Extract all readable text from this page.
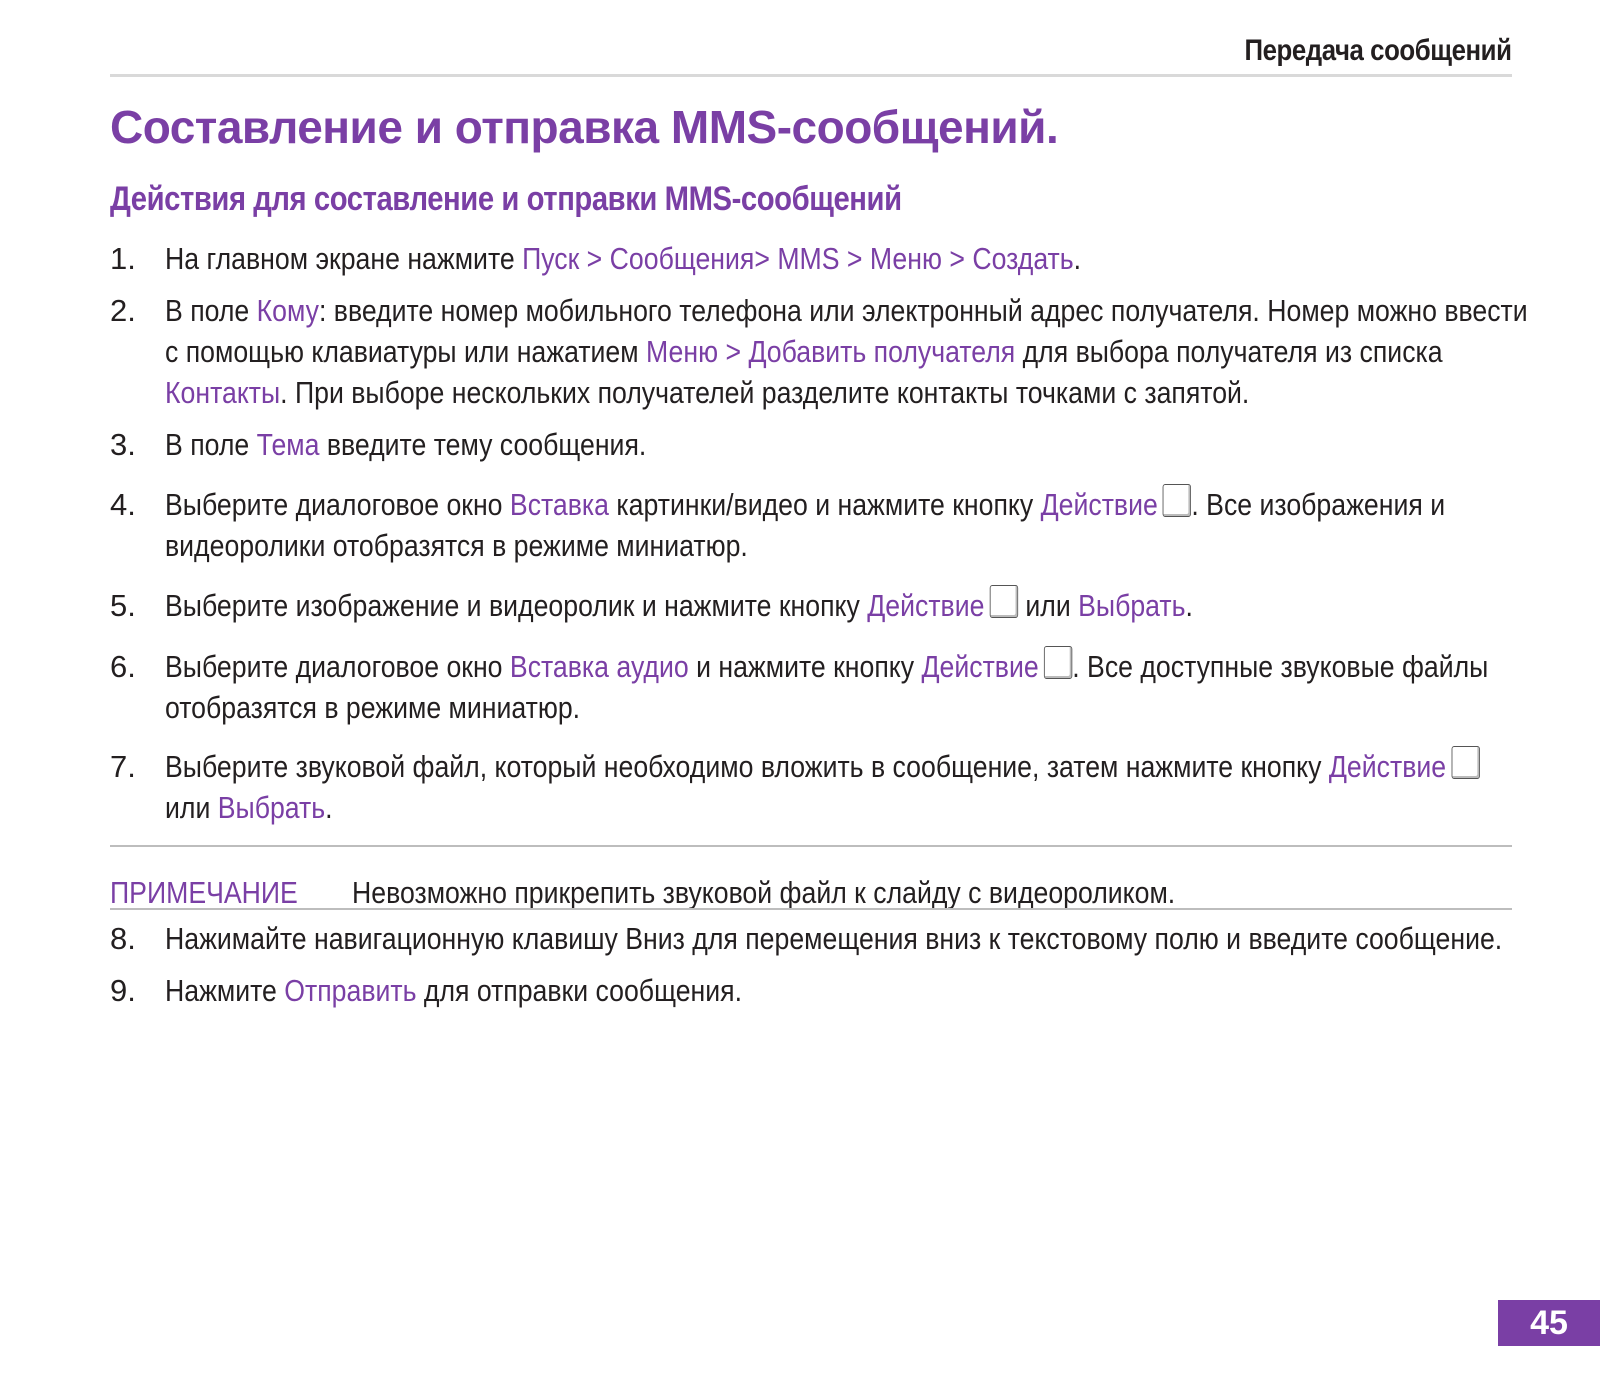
Передача сообщений
Составление и отправка MMS-сообщений.
Действия для составление и отправки MMS-сообщений
1. На главном экране нажмите Пуск > Сообщения> MMS > Меню > Создать.
2. В поле Кому: введите номер мобильного телефона или электронный адрес получателя. Номер можно ввести
с помощью клавиатуры или нажатием Меню > Добавить получателя для выбора получателя из списка
Контакты. При выборе нескольких получателей разделите контакты точками с запятой.
3. В поле Тема введите тему сообщения.
4. Выберите диалоговое окно Вставка картинки/видео и нажмите кнопку Действие . Все изображения и
видеоролики отобразятся в режиме миниатюр.
5. Выберите изображение и видеоролик и нажмите кнопку Действие или Выбрать.
6. Выберите диалоговое окно Вставка аудио и нажмите кнопку Действие . Все доступные звуковые файлы
отобразятся в режиме миниатюр.
7. Выберите звуковой файл, который необходимо вложить в сообщение, затем нажмите кнопку Действие
или Выбрать.
8. Нажимайте навигационную клавишу Вниз для перемещения вниз к текстовому полю и введите сообщение.
9. Нажмите Отправить для отправки сообщения.
ПРИМЕЧАНИЕ Невозможно прикрепить звуковой файл к слайду с видеороликом.
45
